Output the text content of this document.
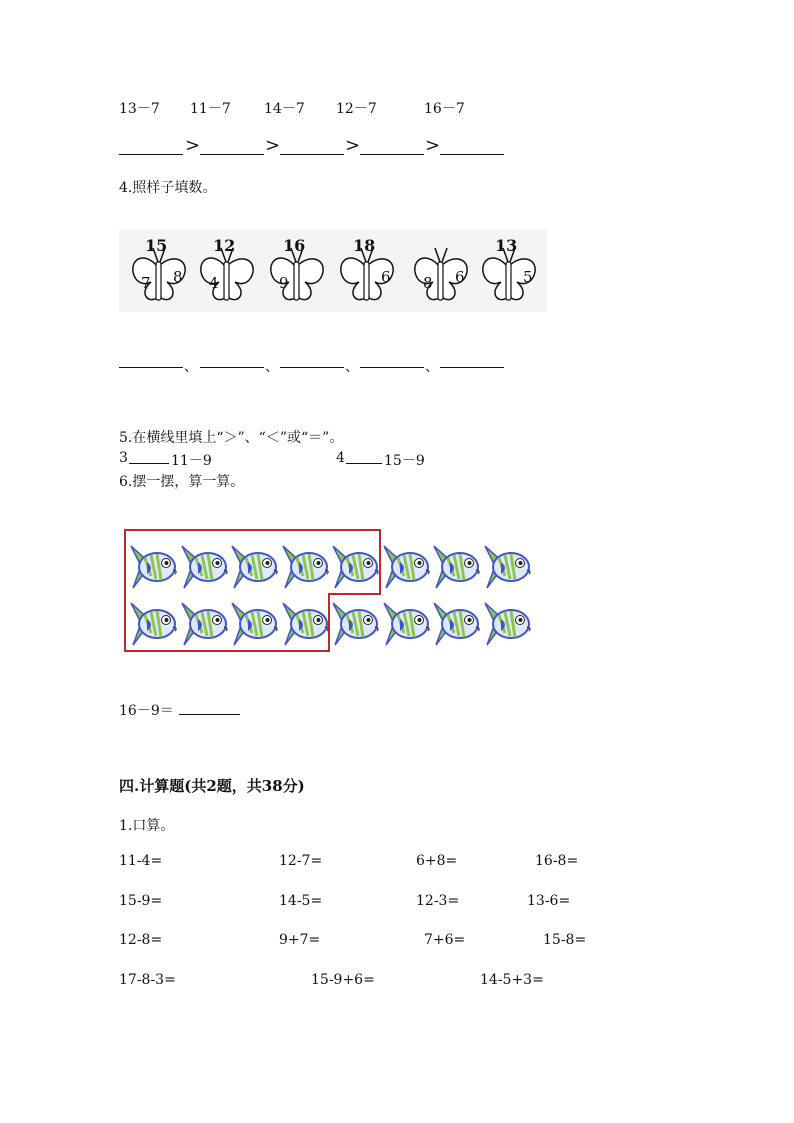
13－7 11－7 14－7 12－7	16－7
>	>	>	>
4.照样子填数。
15
7 8
12
4
16
9
18
6 8 6
13
5
、	、	、	、
5.在横线里填上“＞”、“＜”或“＝”。
3	11－9	4	15－9
6.摆一摆，算一算。
16－9＝
四.计算题(共2题，共38分)
1.口算。
11-4=	12-7=	6+8=	16-8=
15-9=	14-5=	12-3=	13-6=
12-8=	9+7=	7+6=	15-8=
17-8-3=	15-9+6=	14-5+3=
